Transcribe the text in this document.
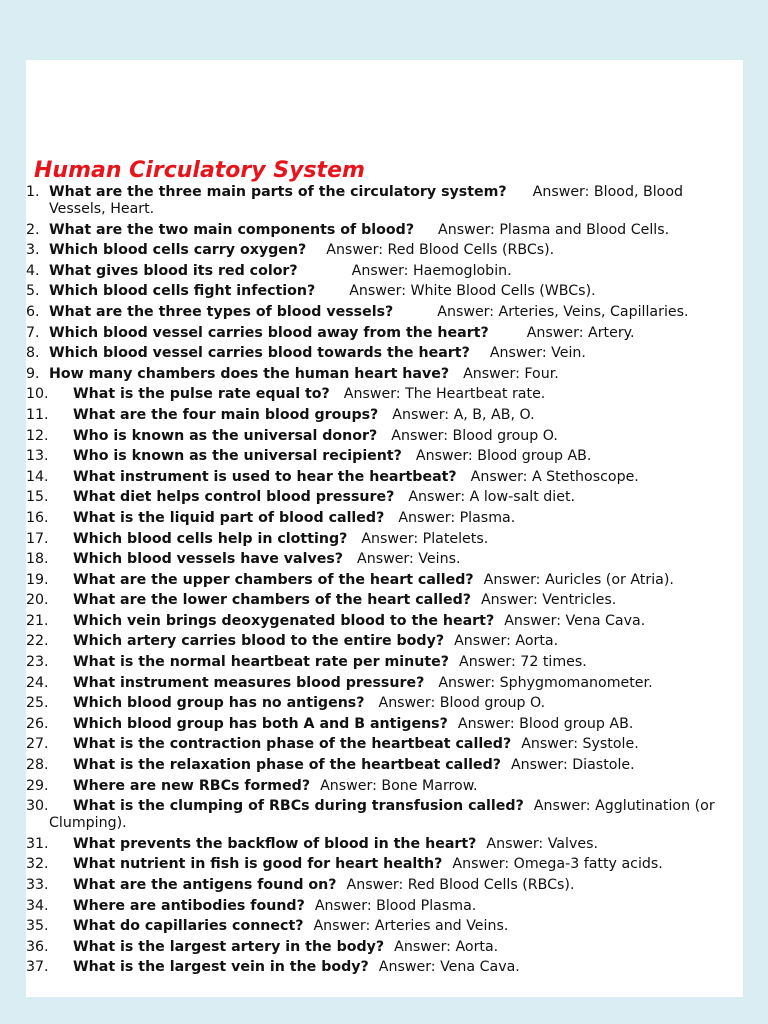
Human Circulatory System
1. What are the three main parts of the circulatory system? Answer: Blood, Blood Vessels, Heart.
2. What are the two main components of blood? Answer: Plasma and Blood Cells.
3. Which blood cells carry oxygen? Answer: Red Blood Cells (RBCs).
4. What gives blood its red color?	Answer: Haemoglobin.
5. Which blood cells fight infection? Answer: White Blood Cells (WBCs).
6. What are the three types of blood vessels?	Answer: Arteries, Veins, Capillaries.
7. Which blood vessel carries blood away from the heart?	Answer: Artery.
8. Which blood vessel carries blood towards the heart? Answer: Vein.
9. How many chambers does the human heart have? Answer: Four.
10. What is the pulse rate equal to? Answer: The Heartbeat rate.
11. What are the four main blood groups? Answer: A, B, AB, O.
12. Who is known as the universal donor? Answer: Blood group O.
13. Who is known as the universal recipient? Answer: Blood group AB.
14. What instrument is used to hear the heartbeat? Answer: A Stethoscope.
15. What diet helps control blood pressure? Answer: A low-salt diet.
16. What is the liquid part of blood called? Answer: Plasma.
17. Which blood cells help in clotting? Answer: Platelets.
18. Which blood vessels have valves? Answer: Veins.
19. What are the upper chambers of the heart called? Answer: Auricles (or Atria).
20. What are the lower chambers of the heart called? Answer: Ventricles.
21. Which vein brings deoxygenated blood to the heart? Answer: Vena Cava.
22. Which artery carries blood to the entire body? Answer: Aorta.
23. What is the normal heartbeat rate per minute? Answer: 72 times.
24. What instrument measures blood pressure? Answer: Sphygmomanometer.
25. Which blood group has no antigens? Answer: Blood group O.
26. Which blood group has both A and B antigens? Answer: Blood group AB.
27. What is the contraction phase of the heartbeat called? Answer: Systole.
28. What is the relaxation phase of the heartbeat called? Answer: Diastole.
29. Where are new RBCs formed? Answer: Bone Marrow.
30. What is the clumping of RBCs during transfusion called? Answer: Agglutination (or Clumping).
31. What prevents the backflow of blood in the heart? Answer: Valves.
32. What nutrient in fish is good for heart health? Answer: Omega-3 fatty acids.
33. What are the antigens found on? Answer: Red Blood Cells (RBCs).
34. Where are antibodies found? Answer: Blood Plasma.
35. What do capillaries connect? Answer: Arteries and Veins.
36. What is the largest artery in the body? Answer: Aorta.
37. What is the largest vein in the body? Answer: Vena Cava.
